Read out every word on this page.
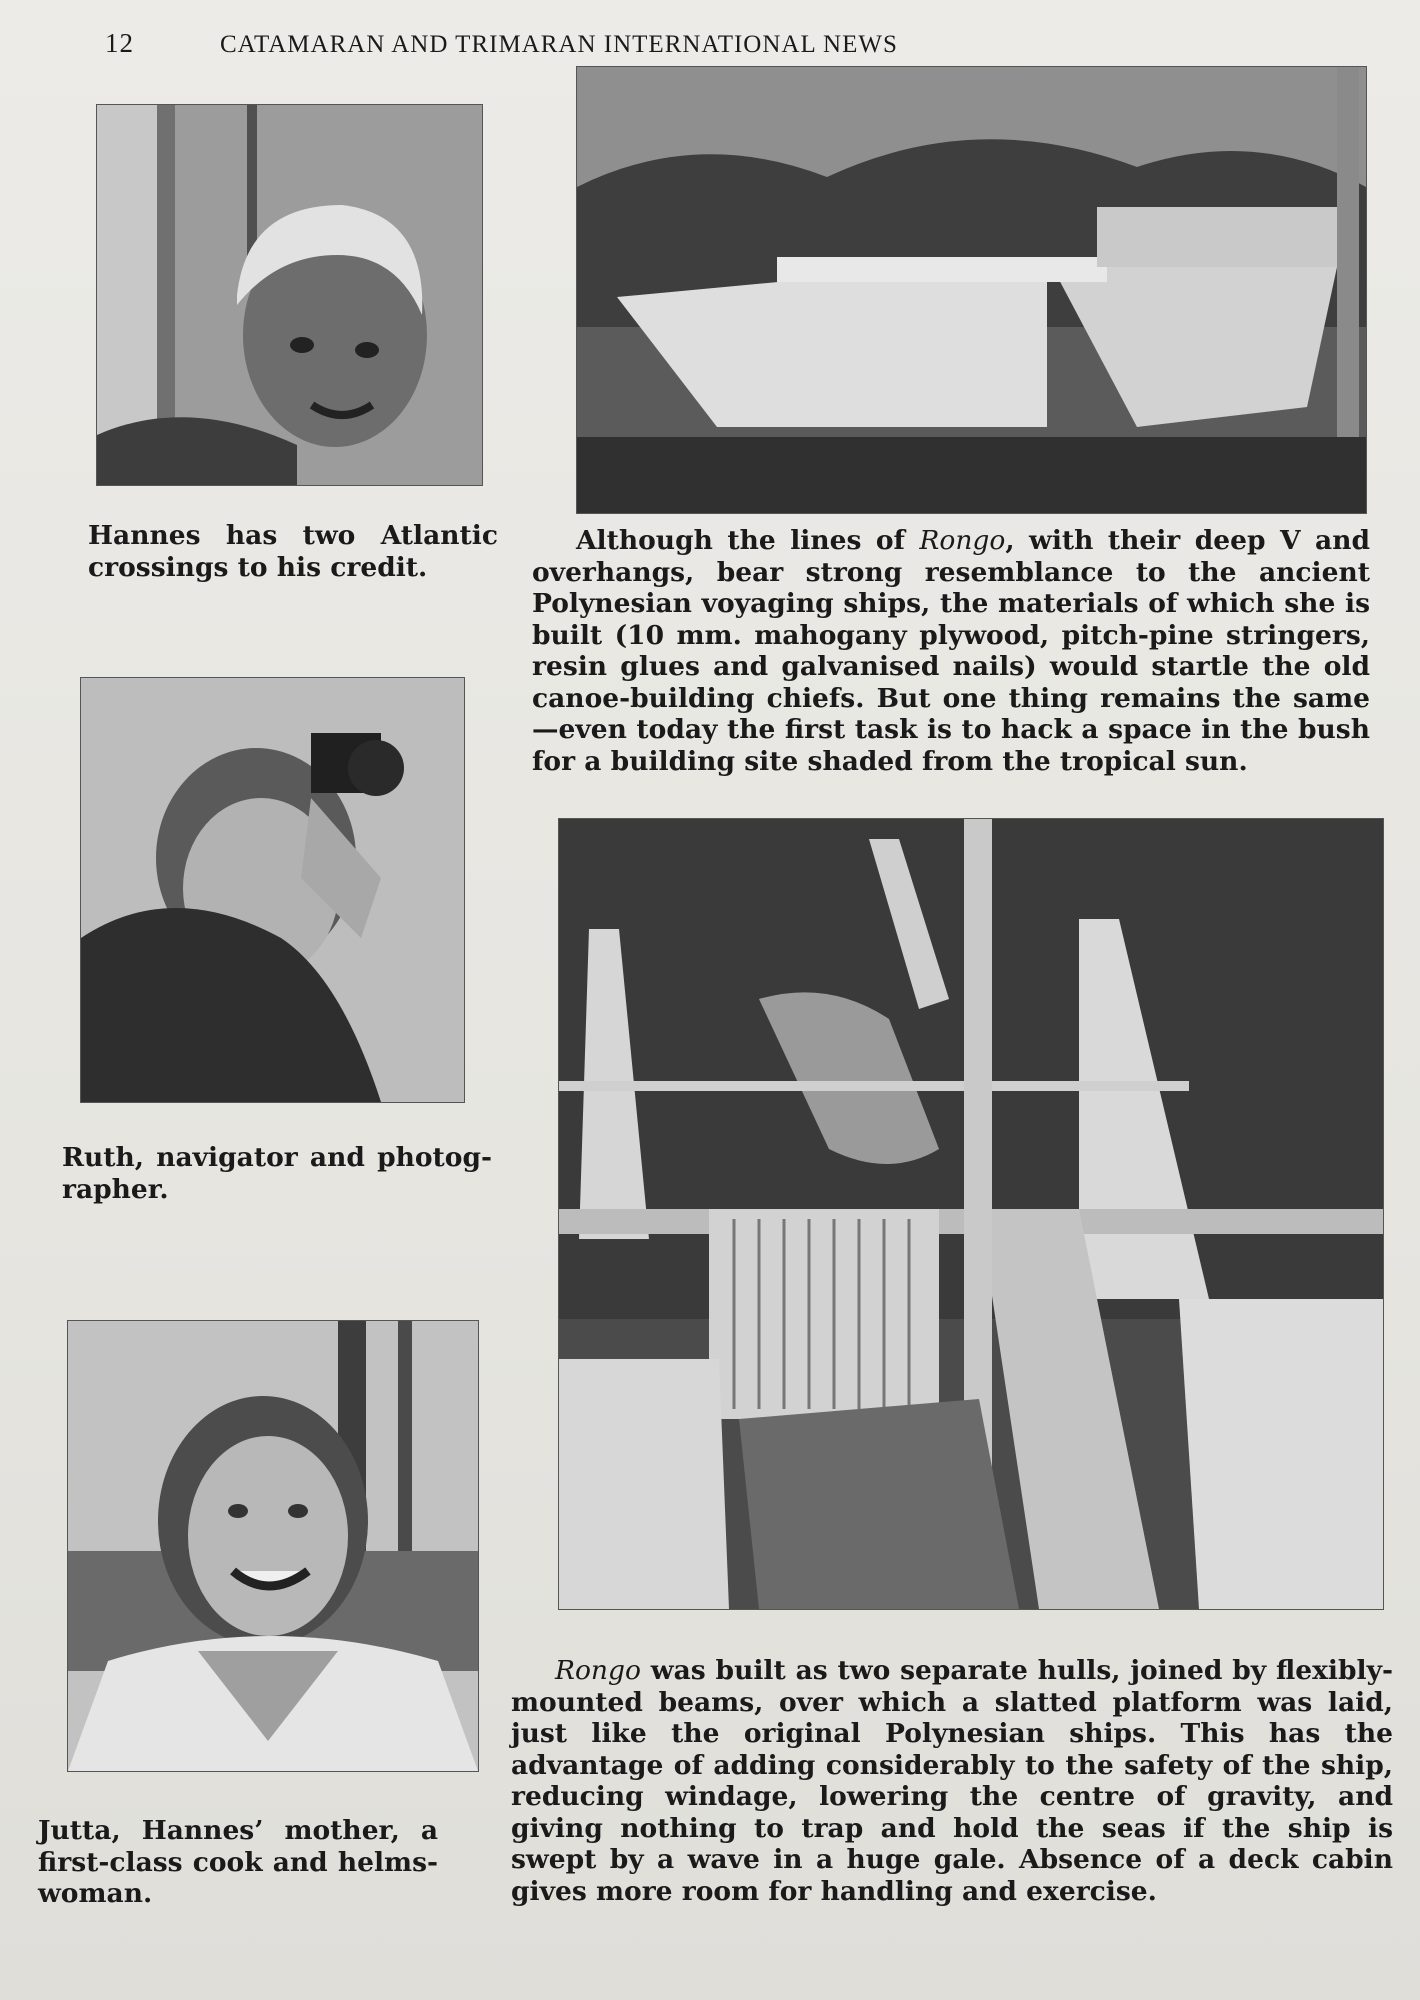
12	CATAMARAN AND TRIMARAN INTERNATIONAL NEWS

Hannes has two Atlantic crossings to his credit.

Although the lines of Rongo, with their deep V and overhangs, bear strong resemblance to the ancient Polynesian voyaging ships, the materials of which she is built (10 mm. mahogany plywood, pitch-pine stringers, resin glues and galvanised nails) would startle the old canoe-building chiefs. But one thing remains the same—even today the first task is to hack a space in the bush for a building site shaded from the tropical sun.

Ruth, navigator and photog-rapher.

Jutta, Hannes’ mother, a first-class cook and helms-woman.

Rongo was built as two separate hulls, joined by flexibly-mounted beams, over which a slatted platform was laid, just like the original Polynesian ships. This has the advantage of adding considerably to the safety of the ship, reducing windage, lowering the centre of gravity, and giving nothing to trap and hold the seas if the ship is swept by a wave in a huge gale. Absence of a deck cabin gives more room for handling and exercise.
